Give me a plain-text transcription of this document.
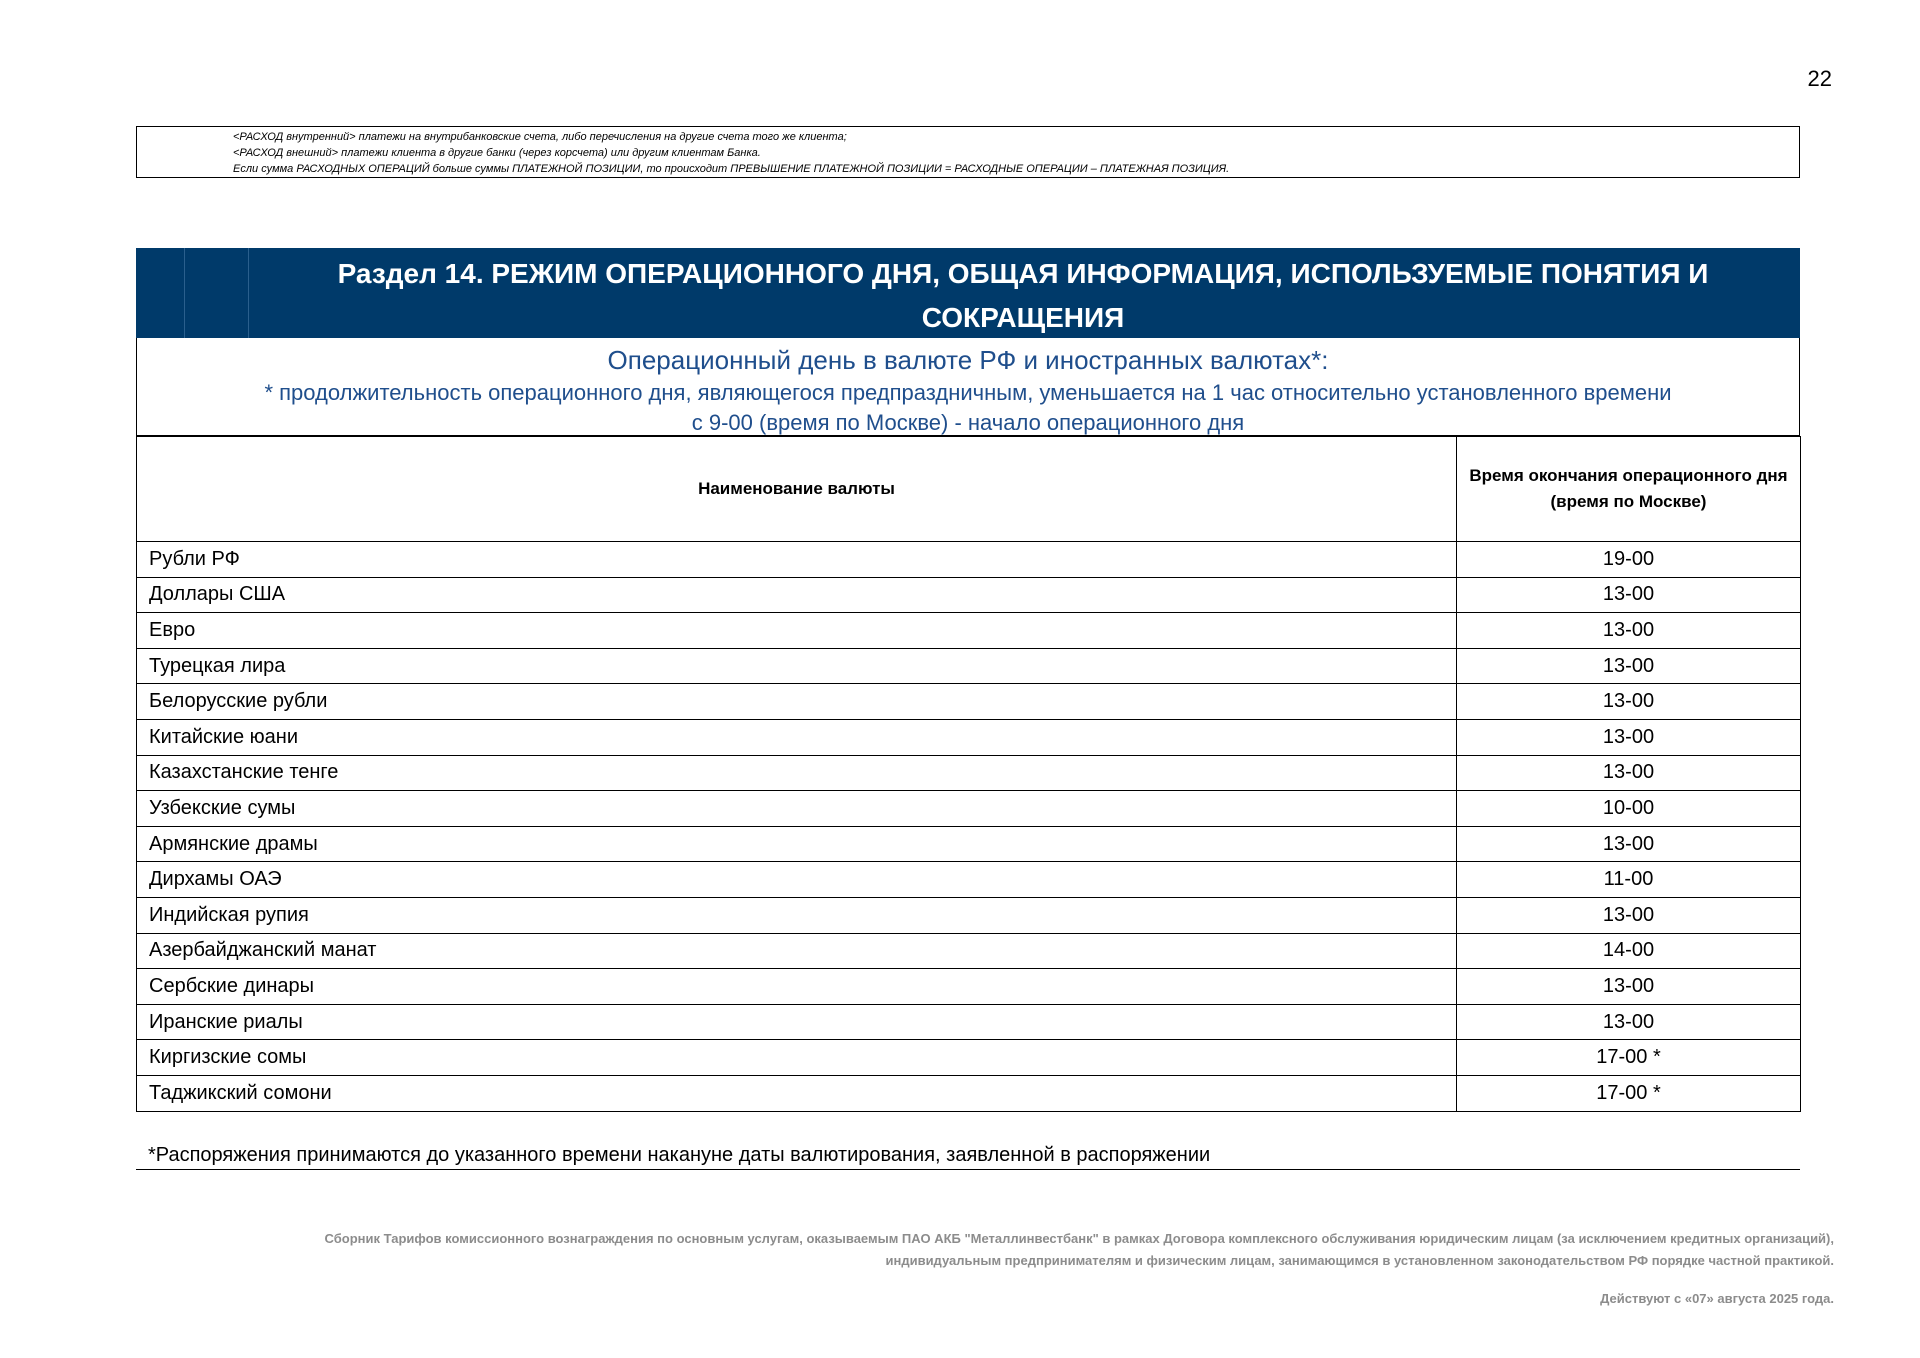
22
<РАСХОД внутренний> платежи на внутрибанковские счета, либо перечисления на другие счета того же клиента;
<РАСХОД внешний> платежи клиента в другие банки (через корсчета) или другим клиентам Банка.
Если сумма РАСХОДНЫХ ОПЕРАЦИЙ больше суммы ПЛАТЕЖНОЙ ПОЗИЦИИ, то происходит ПРЕВЫШЕНИЕ ПЛАТЕЖНОЙ ПОЗИЦИИ = РАСХОДНЫЕ ОПЕРАЦИИ – ПЛАТЕЖНАЯ ПОЗИЦИЯ.
Раздел 14. РЕЖИМ ОПЕРАЦИОННОГО ДНЯ, ОБЩАЯ ИНФОРМАЦИЯ, ИСПОЛЬЗУЕМЫЕ ПОНЯТИЯ И СОКРАЩЕНИЯ
Операционный день в валюте РФ и иностранных валютах*:
* продолжительность операционного дня, являющегося предпраздничным, уменьшается на 1 час относительно установленного времени
с 9-00 (время по Москве) - начало операционного дня
Наименование валюты	Время окончания операционного дня (время по Москве)
Рубли РФ	19-00
Доллары США	13-00
Евро	13-00
Турецкая лира	13-00
Белорусские рубли	13-00
Китайские юани	13-00
Казахстанские тенге	13-00
Узбекские сумы	10-00
Армянские драмы	13-00
Дирхамы ОАЭ	11-00
Индийская рупия	13-00
Азербайджанский манат	14-00
Сербские динары	13-00
Иранские риалы	13-00
Киргизские сомы	17-00 *
Таджикский сомони	17-00 *
*Распоряжения принимаются до указанного времени накануне даты валютирования, заявленной в распоряжении
Сборник Тарифов комиссионного вознаграждения по основным услугам, оказываемым ПАО АКБ "Металлинвестбанк" в рамках Договора комплексного обслуживания юридическим лицам (за исключением кредитных организаций),
индивидуальным предпринимателям и физическим лицам, занимающимся в установленном законодательством РФ порядке частной практикой.
Действуют с «07» августа 2025 года.
